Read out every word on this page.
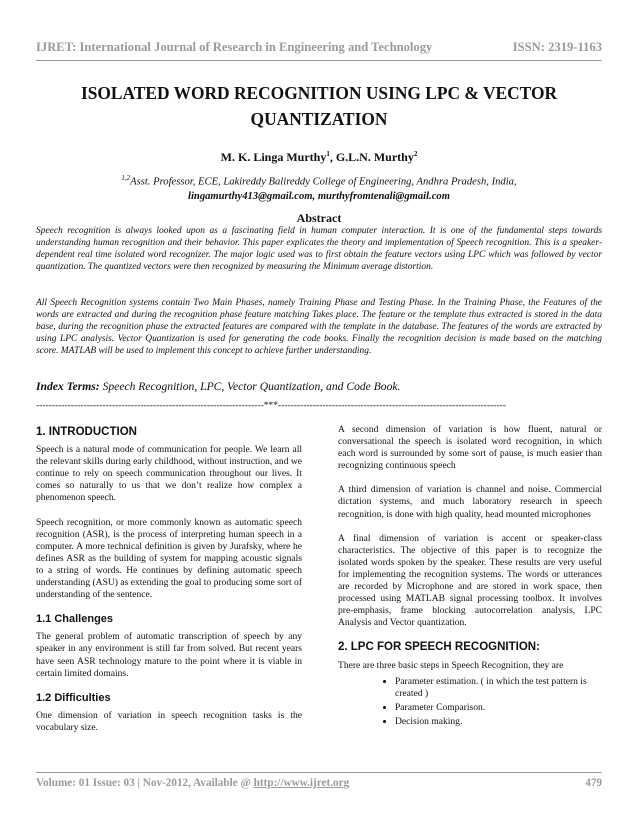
IJRET: International Journal of Research in Engineering and Technology	ISSN: 2319-1163
ISOLATED WORD RECOGNITION USING LPC & VECTOR
QUANTIZATION
M. K. Linga Murthy$^1$, G.L.N. Murthy$^2$
$^{1,2}$Asst. Professor, ECE, Lakireddy Balireddy College of Engineering, Andhra Pradesh, India,
lingamurthy413@gmail.com, murthyfromtenali@gmail.com
Abstract

Speech recognition is always looked upon as a fascinating field in human computer interaction. It is one of the fundamental steps towards understanding human recognition and their behavior. This paper explicates the theory and implementation of Speech recognition. This is a speaker-dependent real time isolated word recognizer. The major logic used was to first obtain the feature vectors using LPC which was followed by vector quantization. The quantized vectors were then recognized by measuring the Minimum average distortion.

All Speech Recognition systems contain Two Main Phases, namely Training Phase and Testing Phase. In the Training Phase, the Features of the words are extracted and during the recognition phase feature matching Takes place. The feature or the template thus extracted is stored in the data base, during the recognition phase the extracted features are compared with the template in the database. The features of the words are extracted by using LPC analysis. Vector Quantization is used for generating the code books. Finally the recognition decision is made based on the matching score. MATLAB will be used to implement this concept to achieve further understanding.

Index Terms: Speech Recognition, LPC, Vector Quantization, and Code Book.
------------------------------------------------------------------------***------------------------------------------------------------------------
1. INTRODUCTION

Speech is a natural mode of communication for people. We learn all the relevant skills during early childhood, without instruction, and we continue to rely on speech communication throughout our lives. It comes so naturally to us that we don’t realize how complex a phenomenon speech.

Speech recognition, or more commonly known as automatic speech recognition (ASR), is the process of interpreting human speech in a computer. A more technical definition is given by Jurafsky, where he defines ASR as the building of system for mapping acoustic signals to a string of words. He continues by defining automatic speech understanding (ASU) as extending the goal to producing some sort of understanding of the sentence.

1.1 Challenges

The general problem of automatic transcription of speech by any speaker in any environment is still far from solved. But recent years have seen ASR technology mature to the point where it is viable in certain limited domains.

1.2 Difficulties

One dimension of variation in speech recognition tasks is the vocabulary size.

A second dimension of variation is how fluent, natural or conversational the speech is isolated word recognition, in which each word is surrounded by some sort of pause, is much easier than recognizing continuous speech

A third dimension of variation is channel and noise. Commercial dictation systems, and much laboratory research in speech recognition, is done with high quality, head mounted microphones

A final dimension of variation is accent or speaker-class characteristics. The objective of this paper is to recognize the isolated words spoken by the speaker. These results are very useful for implementing the recognition systems. The words or utterances are recorded by Microphone and are stored in work space, then processed using MATLAB signal processing toolbox. It involves pre-emphasis, frame blocking autocorrelation analysis, LPC Analysis and Vector quantization.

2. LPC FOR SPEECH RECOGNITION:

There are three basic steps in Speech Recognition, they are

• Parameter estimation. ( in which the test pattern is created )
• Parameter Comparison.
• Decision making.
Volume: 01 Issue: 03 | Nov-2012, Available @ http://www.ijret.org	479
